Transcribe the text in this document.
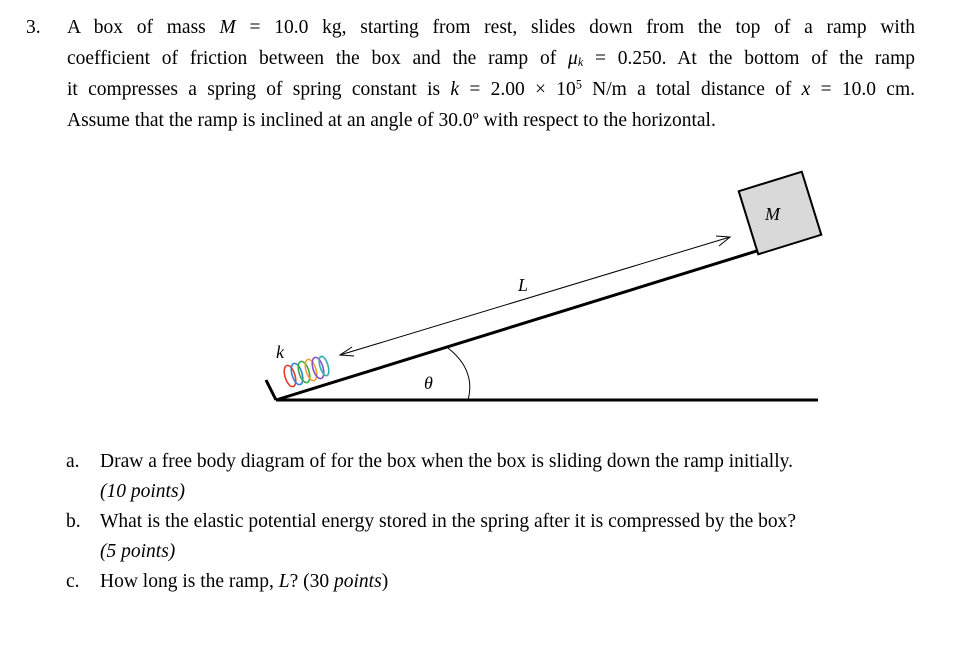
3. A box of mass M = 10.0 kg, starting from rest, slides down from the top of a ramp with
coefficient of friction between the box and the ramp of $\mu_k = 0.250$. At the bottom of the ramp
it compresses a spring of spring constant is $k = 2.00 \times 10^5$ N/m a total distance of x = 10.0 cm.
Assume that the ramp is inclined at an angle of 30.0º with respect to the horizontal.
M
L
k
θ
a. Draw a free body diagram of for the box when the box is sliding down the ramp initially.
(10 points)
b. What is the elastic potential energy stored in the spring after it is compressed by the box?
(5 points)
c. How long is the ramp, L? (30 points)
